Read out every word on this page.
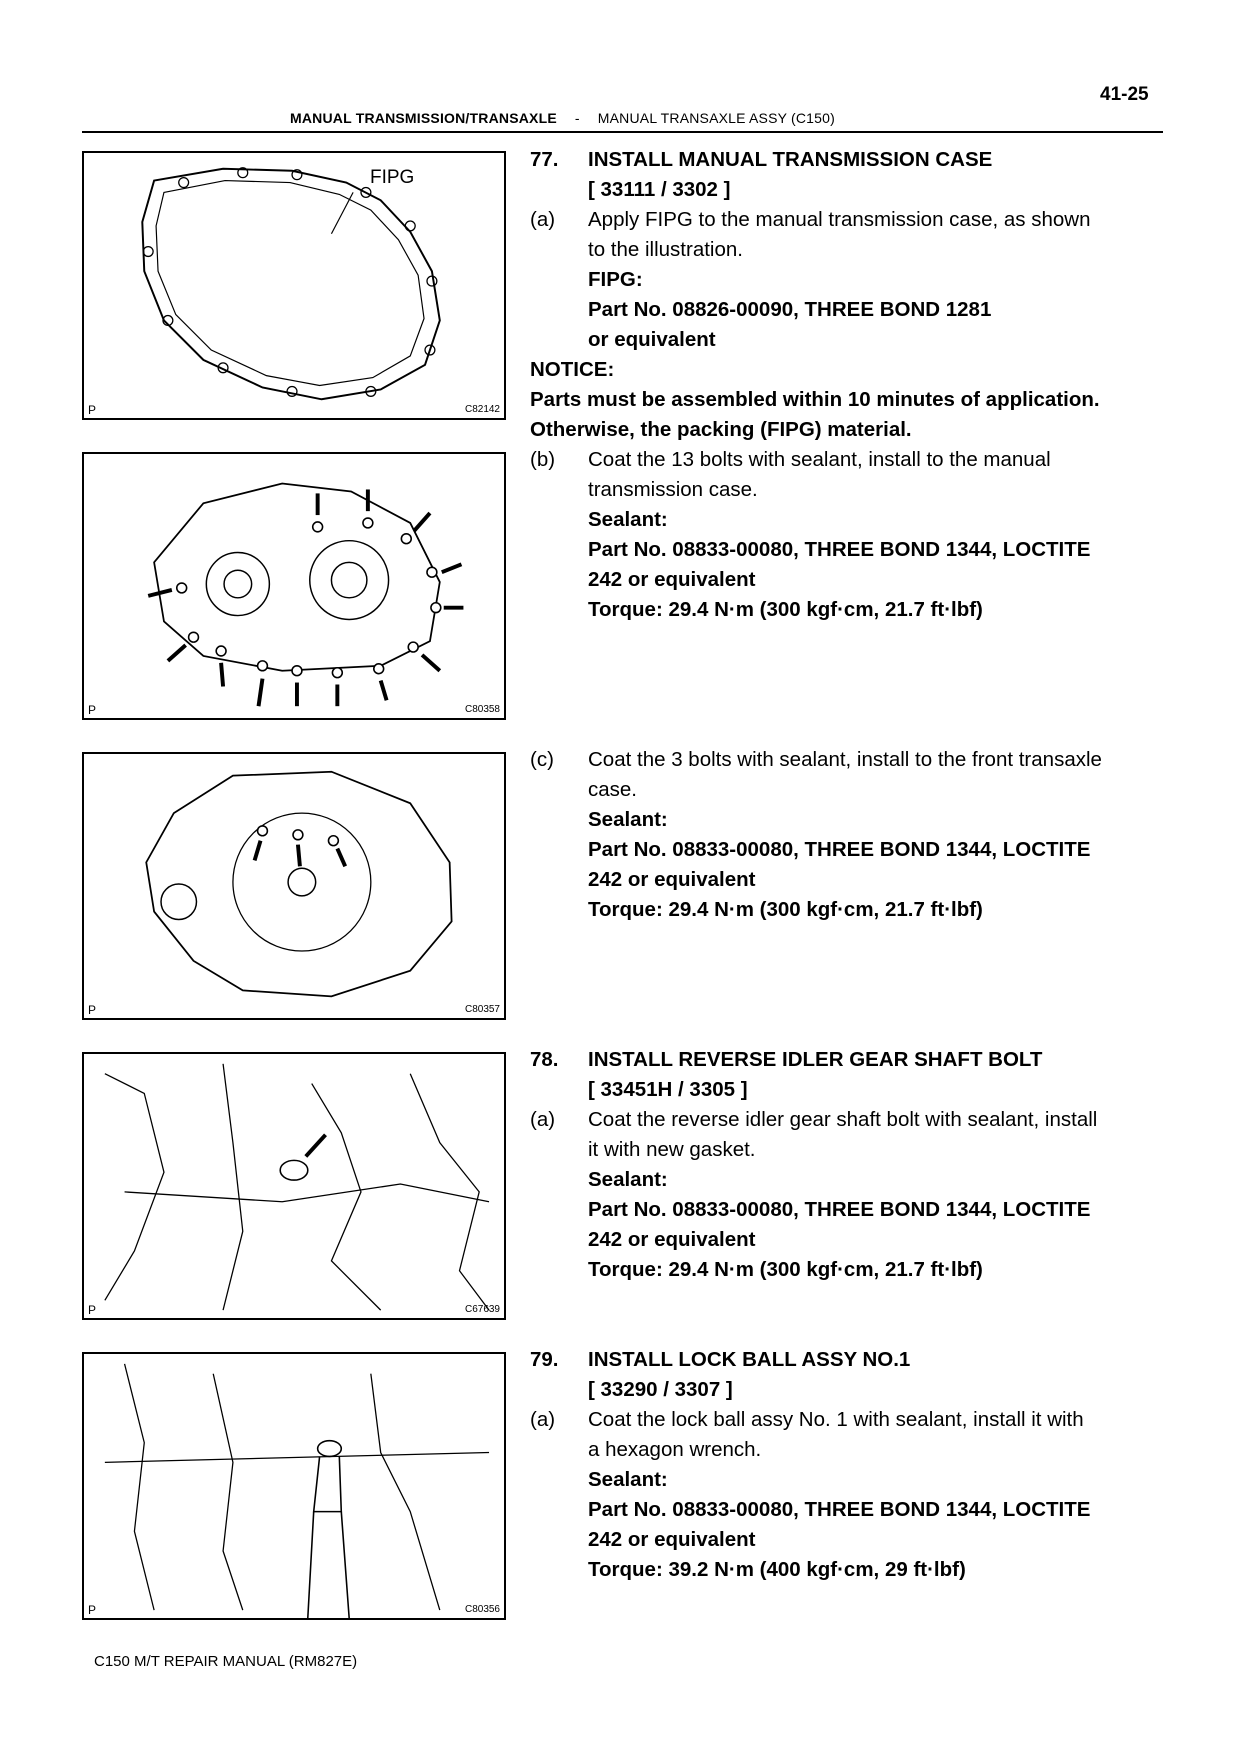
41-25
MANUAL TRANSMISSION/TRANSAXLE - MANUAL TRANSAXLE ASSY (C150)
FIPG
P	C82142
P	C80358
P	C80357
P	C67639
P	C80356
77. INSTALL MANUAL TRANSMISSION CASE
[ 33111 / 3302 ]
(a) Apply FIPG to the manual transmission case, as shown
to the illustration.
FIPG:
Part No. 08826-00090, THREE BOND 1281
or equivalent
NOTICE:
Parts must be assembled within 10 minutes of application.
Otherwise, the packing (FIPG) material.
(b) Coat the 13 bolts with sealant, install to the manual
transmission case.
Sealant:
Part No. 08833-00080, THREE BOND 1344, LOCTITE
242 or equivalent
Torque: 29.4 N·m (300 kgf·cm, 21.7 ft·lbf)
(c) Coat the 3 bolts with sealant, install to the front transaxle
case.
Sealant:
Part No. 08833-00080, THREE BOND 1344, LOCTITE
242 or equivalent
Torque: 29.4 N·m (300 kgf·cm, 21.7 ft·lbf)
78. INSTALL REVERSE IDLER GEAR SHAFT BOLT
[ 33451H / 3305 ]
(a) Coat the reverse idler gear shaft bolt with sealant, install
it with new gasket.
Sealant:
Part No. 08833-00080, THREE BOND 1344, LOCTITE
242 or equivalent
Torque: 29.4 N·m (300 kgf·cm, 21.7 ft·lbf)
79. INSTALL LOCK BALL ASSY NO.1
[ 33290 / 3307 ]
(a) Coat the lock ball assy No. 1 with sealant, install it with
a hexagon wrench.
Sealant:
Part No. 08833-00080, THREE BOND 1344, LOCTITE
242 or equivalent
Torque: 39.2 N·m (400 kgf·cm, 29 ft·lbf)
C150 M/T REPAIR MANUAL (RM827E)
